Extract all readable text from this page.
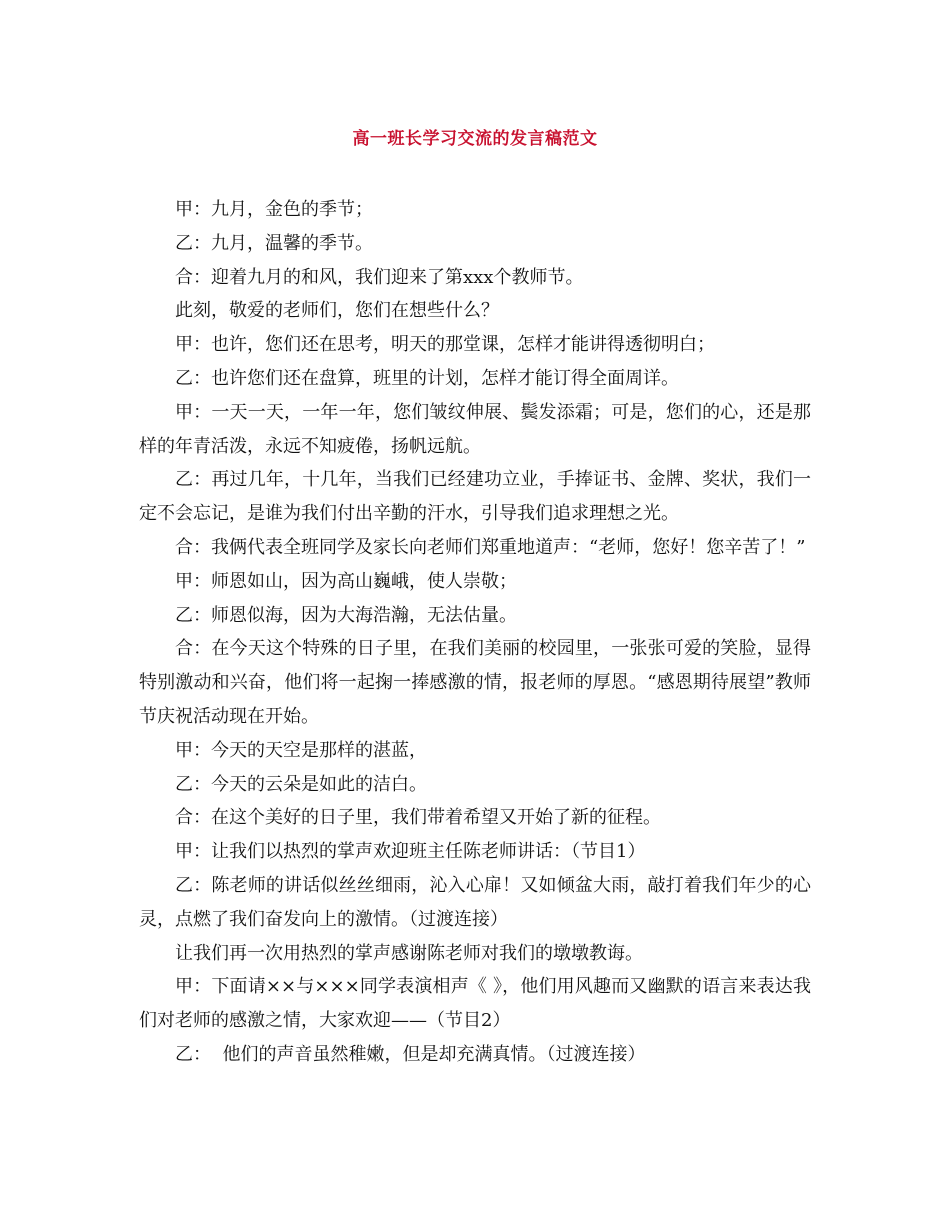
高一班长学习交流的发言稿范文

甲：九月，金色的季节；

乙：九月，温馨的季节。

合：迎着九月的和风，我们迎来了第xxx个教师节。

此刻，敬爱的老师们，您们在想些什么？

甲：也许，您们还在思考，明天的那堂课，怎样才能讲得透彻明白；

乙：也许您们还在盘算，班里的计划，怎样才能订得全面周详。

甲：一天一天，一年一年，您们皱纹伸展、鬓发添霜；可是，您们的心，还是那样的年青活泼，永远不知疲倦，扬帆远航。

乙：再过几年，十几年，当我们已经建功立业，手捧证书、金牌、奖状，我们一定不会忘记，是谁为我们付出辛勤的汗水，引导我们追求理想之光。

合：我俩代表全班同学及家长向老师们郑重地道声：“老师，您好！您辛苦了！”

甲：师恩如山，因为高山巍峨，使人崇敬；

乙：师恩似海，因为大海浩瀚，无法估量。

合：在今天这个特殊的日子里，在我们美丽的校园里，一张张可爱的笑脸，显得特别激动和兴奋，他们将一起掬一捧感激的情，报老师的厚恩。“感恩期待展望”教师节庆祝活动现在开始。

甲：今天的天空是那样的湛蓝，

乙：今天的云朵是如此的洁白。

合：在这个美好的日子里，我们带着希望又开始了新的征程。

甲：让我们以热烈的掌声欢迎班主任陈老师讲话：（节目1）

乙：陈老师的讲话似丝丝细雨，沁入心扉！又如倾盆大雨，敲打着我们年少的心灵，点燃了我们奋发向上的激情。（过渡连接）

让我们再一次用热烈的掌声感谢陈老师对我们的墩墩教诲。

甲：下面请××与×××同学表演相声《 》，他们用风趣而又幽默的语言来表达我们对老师的感激之情，大家欢迎——（节目2）

乙：  他们的声音虽然稚嫩，但是却充满真情。（过渡连接）
